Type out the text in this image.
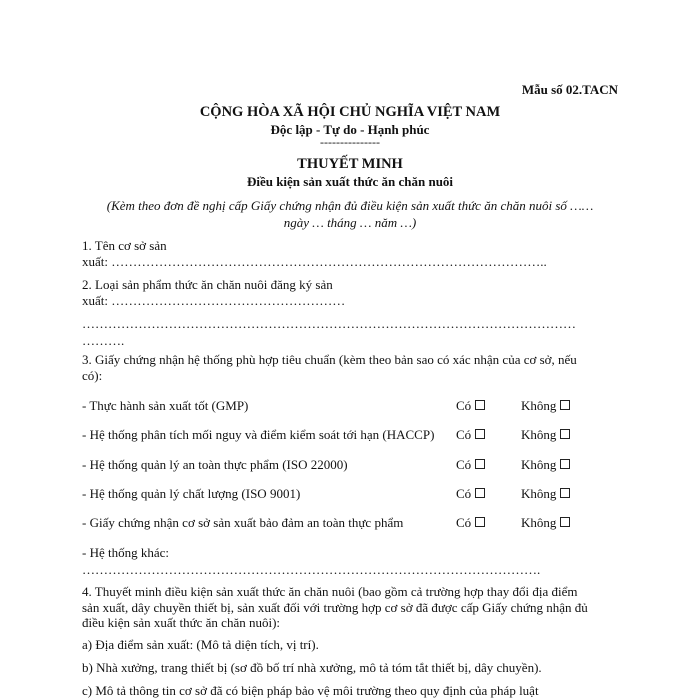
Mẫu số 02.TACN
CỘNG HÒA XÃ HỘI CHỦ NGHĨA VIỆT NAM
Độc lập - Tự do - Hạnh phúc
---------------
THUYẾT MINH
Điều kiện sản xuất thức ăn chăn nuôi
(Kèm theo đơn đề nghị cấp Giấy chứng nhận đủ điều kiện sản xuất thức ăn chăn nuôi số ……
ngày … tháng … năm …)
1. Tên cơ sở sản
xuất: ………………………………………………………………………………………..
2. Loại sản phẩm thức ăn chăn nuôi đăng ký sản
xuất: ………………………………………………
……………………………………………………………………………………………………
……….
3. Giấy chứng nhận hệ thống phù hợp tiêu chuẩn (kèm theo bản sao có xác nhận của cơ sở, nếu
có):
- Thực hành sản xuất tốt (GMP)	Có	Không
- Hệ thống phân tích mối nguy và điểm kiểm soát tới hạn (HACCP) Có	Không
- Hệ thống quản lý an toàn thực phẩm (ISO 22000)	Có	Không
- Hệ thống quản lý chất lượng (ISO 9001)	Có	Không
- Giấy chứng nhận cơ sở sản xuất bảo đảm an toàn thực phẩm	Có	Không
- Hệ thống khác:
…………………………………………………………………………………………….
4. Thuyết minh điều kiện sản xuất thức ăn chăn nuôi (bao gồm cả trường hợp thay đổi địa điểm
sản xuất, dây chuyền thiết bị, sản xuất đối với trường hợp cơ sở đã được cấp Giấy chứng nhận đủ
điều kiện sản xuất thức ăn chăn nuôi):
a) Địa điểm sản xuất: (Mô tả diện tích, vị trí).
b) Nhà xưởng, trang thiết bị (sơ đồ bố trí nhà xưởng, mô tả tóm tắt thiết bị, dây chuyền).
c) Mô tả thông tin cơ sở đã có biện pháp bảo vệ môi trường theo quy định của pháp luật
